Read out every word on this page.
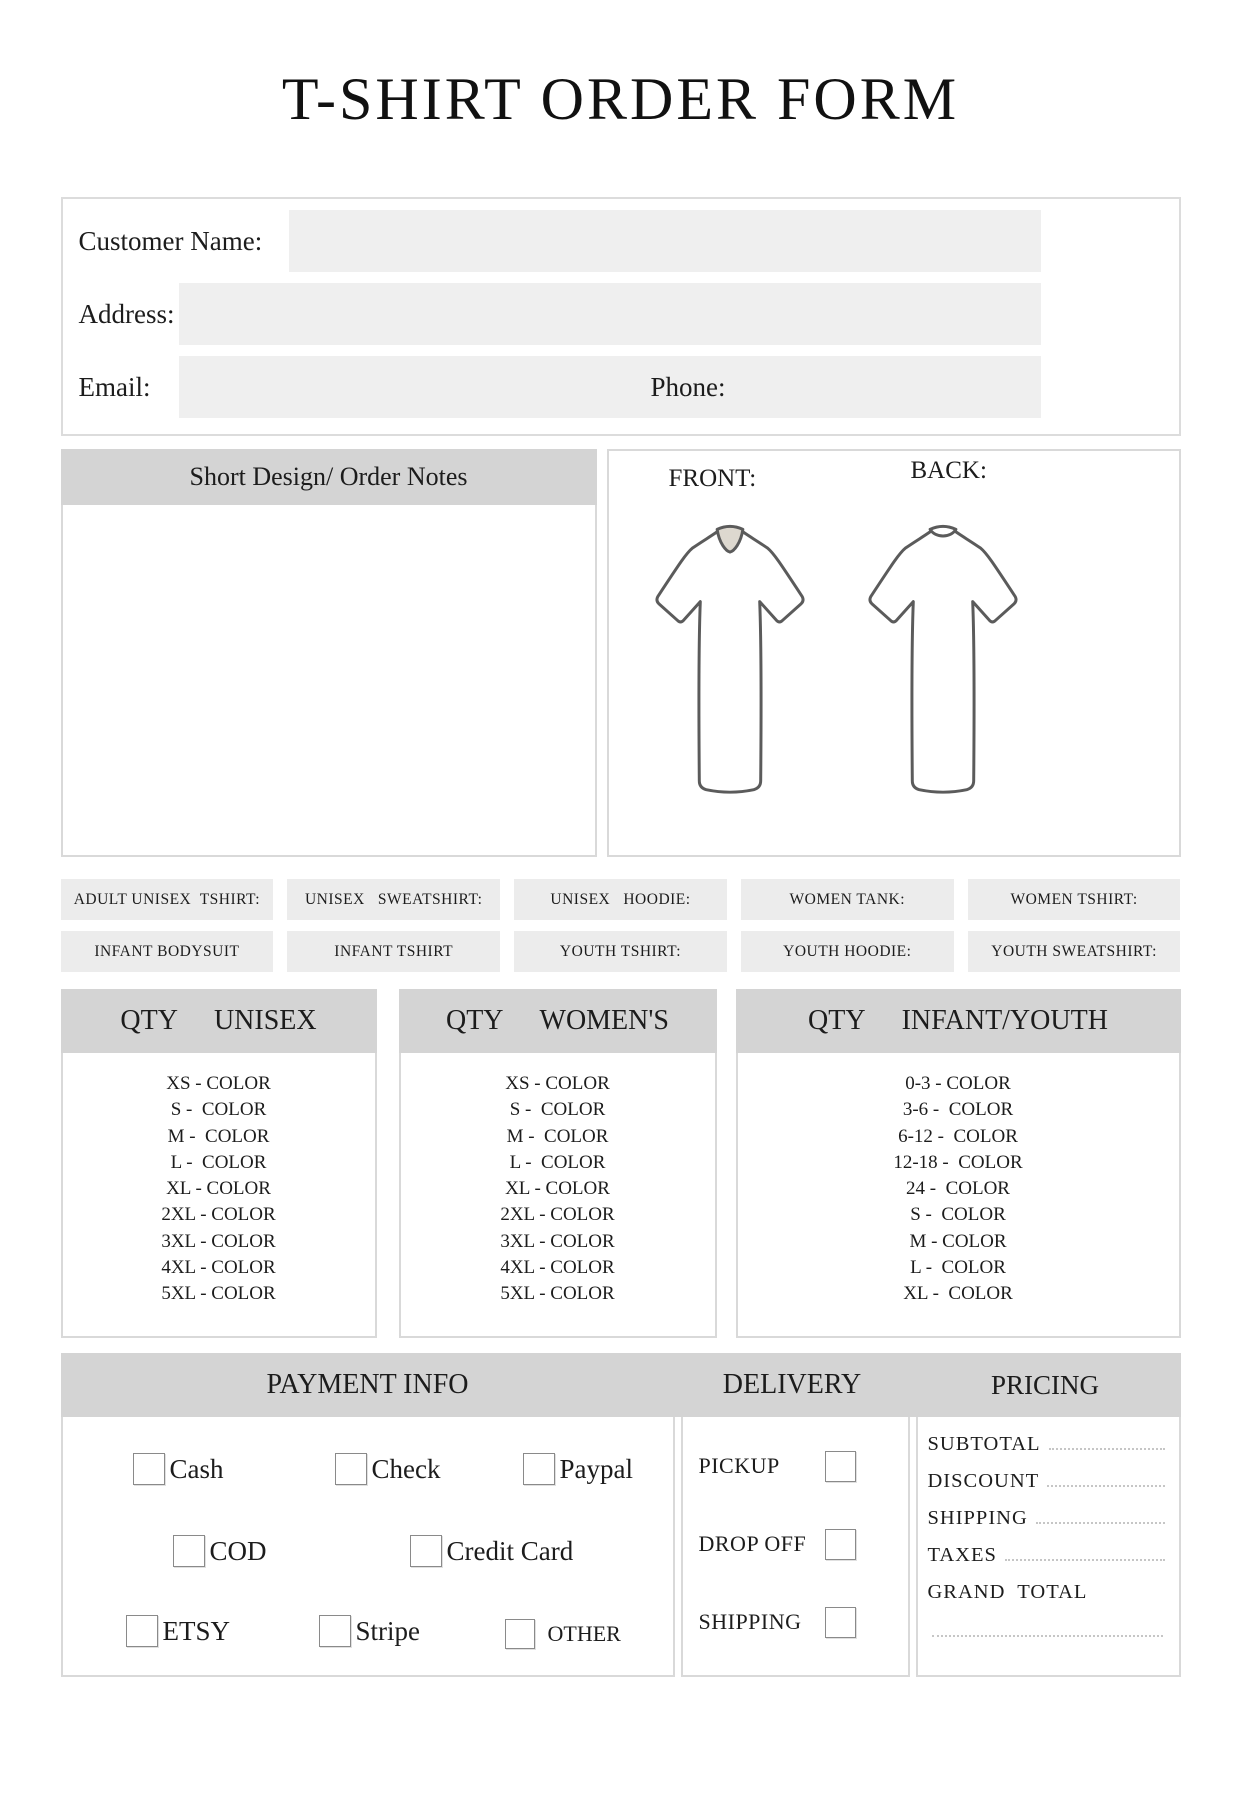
T-SHIRT ORDER FORM
Customer Name:
Address:
Email:	Phone:
Short Design/ Order Notes	FRONT:	BACK:
ADULT UNISEX  TSHIRT:	UNISEX   SWEATSHIRT:	UNISEX   HOODIE:	WOMEN TANK:	WOMEN TSHIRT:
INFANT BODYSUIT	INFANT TSHIRT	YOUTH TSHIRT:	YOUTH HOODIE:	YOUTH SWEATSHIRT:
QTY UNISEX
XS - COLOR
S -  COLOR
M -  COLOR
L -  COLOR
XL - COLOR
2XL - COLOR
3XL - COLOR
4XL - COLOR
5XL - COLOR
QTY WOMEN'S
XS - COLOR
S -  COLOR
M -  COLOR
L -  COLOR
XL - COLOR
2XL - COLOR
3XL - COLOR
4XL - COLOR
5XL - COLOR
QTY INFANT/YOUTH
0-3 - COLOR
3-6 -  COLOR
6-12 -  COLOR
12-18 -  COLOR
24 -  COLOR
S -  COLOR
M - COLOR
L -  COLOR
XL -  COLOR
PAYMENT INFO	DELIVERY	PRICING
Cash	Check	Paypal
COD	Credit Card
ETSY	Stripe	OTHER
PICKUP
DROP OFF
SHIPPING
SUBTOTAL
DISCOUNT
SHIPPING
TAXES
GRAND  TOTAL
